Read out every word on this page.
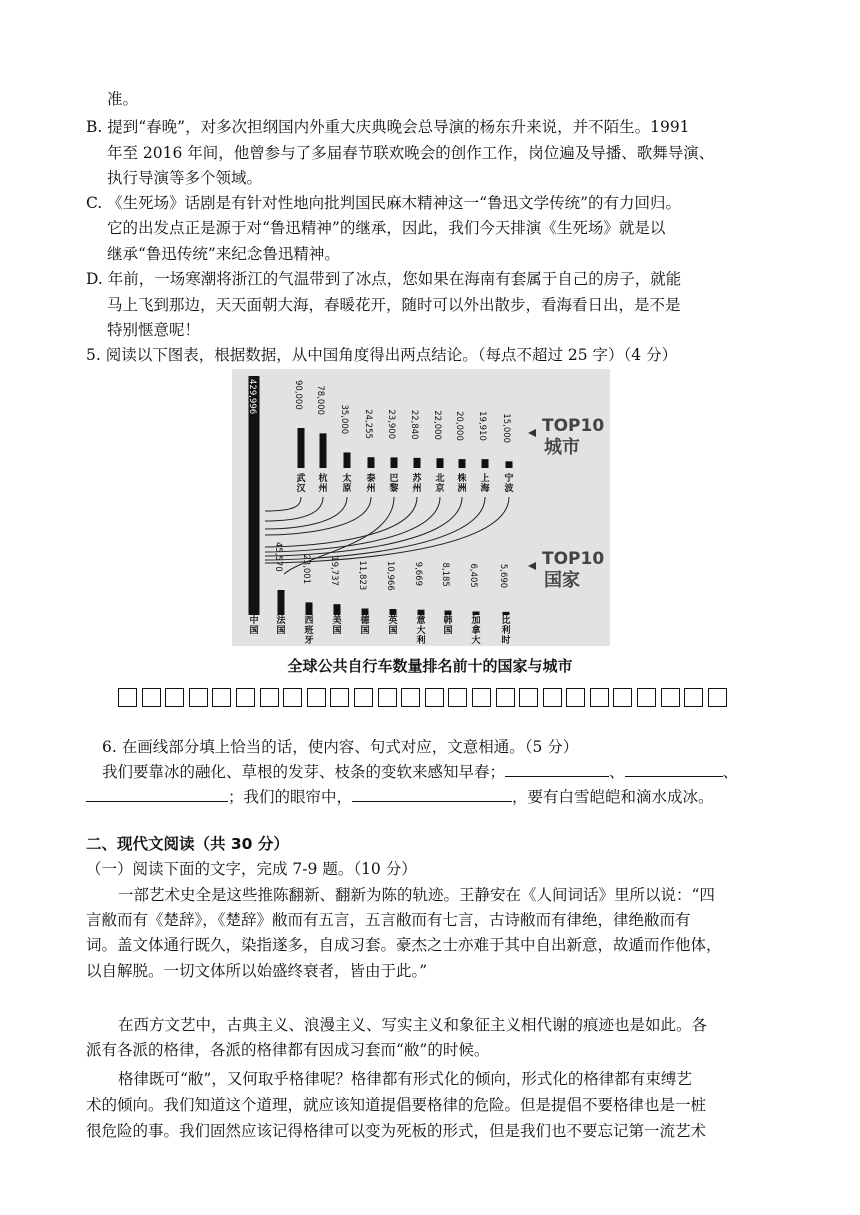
准。
B. 提到“春晚”，对多次担纲国内外重大庆典晚会总导演的杨东升来说，并不陌生。1991
年至 2016 年间，他曾参与了多届春节联欢晚会的创作工作，岗位遍及导播、歌舞导演、
执行导演等多个领域。
C. 《生死场》话剧是有针对性地向批判国民麻木精神这一“鲁迅文学传统”的有力回归。
它的出发点正是源于对“鲁迅精神”的继承，因此，我们今天排演《生死场》就是以
继承“鲁迅传统”来纪念鲁迅精神。
D. 年前，一场寒潮将浙江的气温带到了冰点，您如果在海南有套属于自己的房子，就能
马上飞到那边，天天面朝大海，春暖花开，随时可以外出散步，看海看日出，是不是
特别惬意呢！
5. 阅读以下图表，根据数据，从中国角度得出两点结论。（每点不超过 25 字）（4 分）
90,000
武汉
78,000
杭州
35,000
太原
24,255
泰州
23,900
巴黎
22,840
苏州
22,000
北京
20,000
株洲
19,910
上海
15,000
宁波
429,996
中国
45,570
法国
23,001
西班牙
19,737
美国
11,823
德国
10,966
英国
9,669
意大利
8,185
韩国
6,405
加拿大
5,690
比利时
TOP10
城市
TOP10
国家
全球公共自行车数量排名前十的国家与城市
6. 在画线部分填上恰当的话，使内容、句式对应，文意相通。（5 分）
我们要靠冰的融化、草根的发芽、枝条的变软来感知早春；	、	、
；我们的眼帘中，	，要有白雪皑皑和滴水成冰。
二、现代文阅读（共 30 分）
（一）阅读下面的文字，完成 7-9 题。（10 分）
一部艺术史全是这些推陈翻新、翻新为陈的轨迹。王静安在《人间词话》里所以说：“四
言敝而有《楚辞》，《楚辞》敝而有五言，五言敝而有七言，古诗敝而有律绝，律绝敝而有
词。盖文体通行既久，染指遂多，自成习套。豪杰之士亦难于其中自出新意，故遁而作他体，
以自解脱。一切文体所以始盛终衰者，皆由于此。”
在西方文艺中，古典主义、浪漫主义、写实主义和象征主义相代谢的痕迹也是如此。各
派有各派的格律，各派的格律都有因成习套而“敝”的时候。
格律既可“敝”，又何取乎格律呢？格律都有形式化的倾向，形式化的格律都有束缚艺
术的倾向。我们知道这个道理，就应该知道提倡要格律的危险。但是提倡不要格律也是一桩
很危险的事。我们固然应该记得格律可以变为死板的形式，但是我们也不要忘记第一流艺术
